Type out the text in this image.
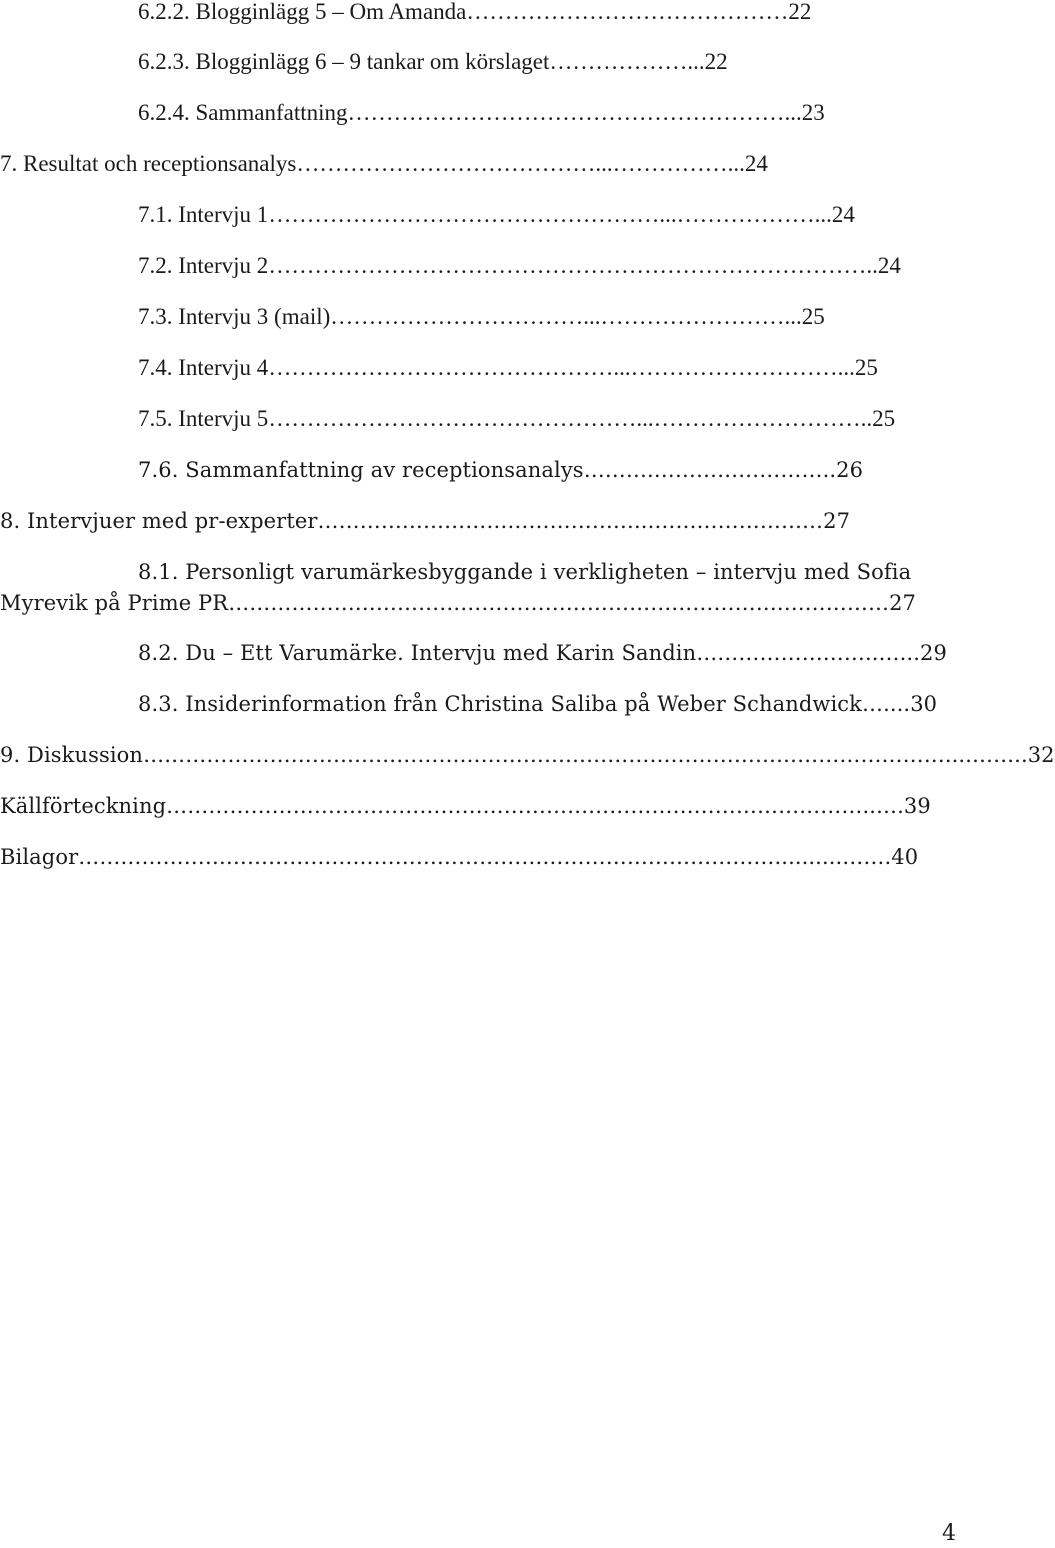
6.2.2. Blogginlägg 5 – Om Amanda……………………………………22
6.2.3. Blogginlägg 6 – 9 tankar om körslaget………………...22
6.2.4. Sammanfattning…………………………………………………...23
7. Resultat och receptionsanalys…………………………………...……………...24
7.1. Intervju 1……………………………………………...………………...24
7.2. Intervju 2……………………………………………………………………..24
7.3. Intervju 3 (mail)……………………………...……………………...25
7.4. Intervju 4………………………………………...………………………...25
7.5. Intervju 5…………………………………………...………………………..25
7.6. Sammanfattning av receptionsanalys……….……………………..26
8. Intervjuer med pr-experter………………………………………...……………………27
8.1. Personligt varumärkesbyggande i verkligheten – intervju med Sofia
Myrevik på Prime PR……………………………………………………………………….…………27
8.2. Du – Ett Varumärke. Intervju med Karin Sandin……………………..…...29
8.3. Insiderinformation från Christina Saliba på Weber Schandwick…....30
9. Diskussion……………………………………………………………………………………………………....……..32
Källförteckning………………………………………………………………………………………..….39
Bilagor………………………………………………………………………………………..........…….40
4
